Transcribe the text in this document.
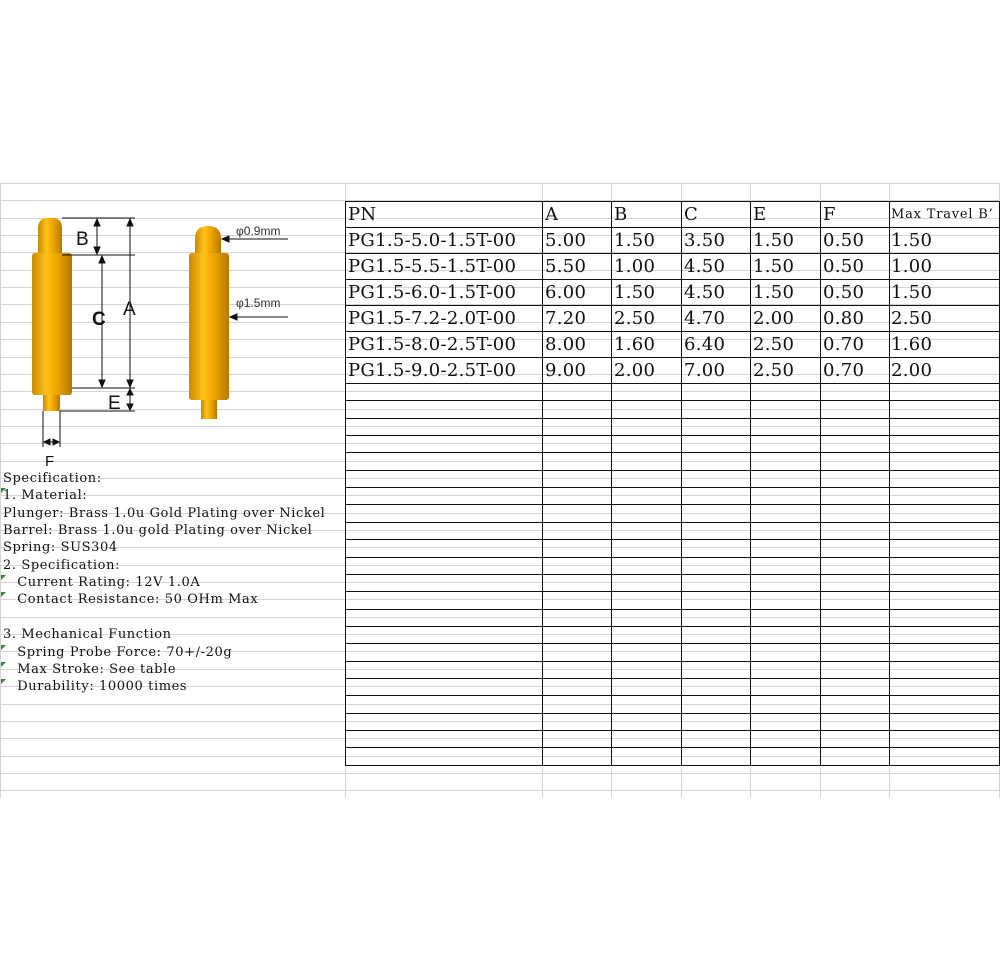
PN	A	B	C	E	F	Max Travel B’
PG1.5-5.0-1.5T-00	5.00	1.50	3.50	1.50	0.50	1.50
PG1.5-5.5-1.5T-00	5.50	1.00	4.50	1.50	0.50	1.00
PG1.5-6.0-1.5T-00	6.00	1.50	4.50	1.50	0.50	1.50
PG1.5-7.2-2.0T-00	7.20	2.50	4.70	2.00	0.80	2.50
PG1.5-8.0-2.5T-00	8.00	1.60	6.40	2.50	0.70	1.60
PG1.5-9.0-2.5T-00	9.00	2.00	7.00	2.50	0.70	2.00
Specification:
1. Material:
Plunger: Brass 1.0u Gold Plating over Nickel
Barrel: Brass 1.0u gold Plating over Nickel
Spring: SUS304
2. Specification:
Current Rating: 12V 1.0A
Contact Resistance: 50 OHm Max
3. Mechanical Function
Spring Probe Force: 70+/-20g
Max Stroke: See table
Durability: 10000 times
B
C A
E
F
φ0.9mm
φ1.5mm
